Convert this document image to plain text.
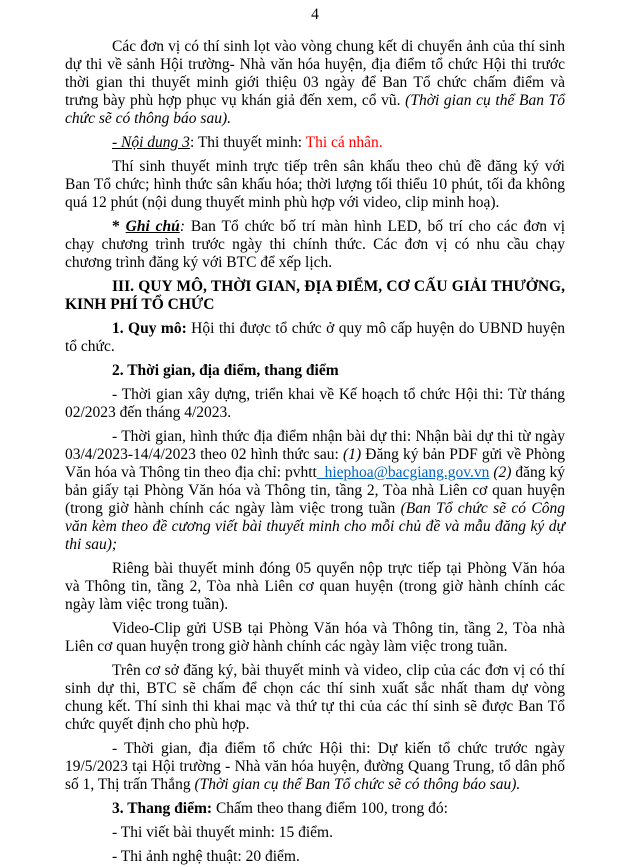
4

Các đơn vị có thí sinh lọt vào vòng chung kết di chuyển ảnh của thí sinh dự thi về sảnh Hội trường- Nhà văn hóa huyện, địa điểm tổ chức Hội thi trước thời gian thi thuyết minh giới thiệu 03 ngày để Ban Tổ chức chấm điểm và trưng bày phù hợp phục vụ khán giả đến xem, cổ vũ. (Thời gian cụ thể Ban Tổ chức sẽ có thông báo sau).

- Nội dung 3: Thi thuyết minh: Thi cá nhân.

Thí sinh thuyết minh trực tiếp trên sân khấu theo chủ đề đăng ký với Ban Tổ chức; hình thức sân khấu hóa; thời lượng tối thiểu 10 phút, tối đa không quá 12 phút (nội dung thuyết minh phù hợp với video, clip minh hoạ).

* Ghi chú: Ban Tổ chức bố trí màn hình LED, bố trí cho các đơn vị chạy chương trình trước ngày thi chính thức. Các đơn vị có nhu cầu chạy chương trình đăng ký với BTC để xếp lịch.

III. QUY MÔ, THỜI GIAN, ĐỊA ĐIỂM, CƠ CẤU GIẢI THƯỞNG, KINH PHÍ TỔ CHỨC

1. Quy mô: Hội thi được tổ chức ở quy mô cấp huyện do UBND huyện tổ chức.

2. Thời gian, địa điểm, thang điểm

- Thời gian xây dựng, triển khai về Kế hoạch tổ chức Hội thi: Từ tháng 02/2023 đến tháng 4/2023.

- Thời gian, hình thức địa điểm nhận bài dự thi: Nhận bài dự thi từ ngày 03/4/2023-14/4/2023 theo 02 hình thức sau: (1) Đăng ký bản PDF gửi về Phòng Văn hóa và Thông tin theo địa chỉ: pvhtt_hiephoa@bacgiang.gov.vn (2) đăng ký bản giấy tại Phòng Văn hóa và Thông tin, tầng 2, Tòa nhà Liên cơ quan huyện (trong giờ hành chính các ngày làm việc trong tuần (Ban Tổ chức sẽ có Công văn kèm theo đề cương viết bài thuyết minh cho mỗi chủ đề và mẫu đăng ký dự thi sau);

Riêng bài thuyết minh đóng 05 quyển nộp trực tiếp tại Phòng Văn hóa và Thông tin, tầng 2, Tòa nhà Liên cơ quan huyện (trong giờ hành chính các ngày làm việc trong tuần).

Video-Clip gửi USB tại Phòng Văn hóa và Thông tin, tầng 2, Tòa nhà Liên cơ quan huyện trong giờ hành chính các ngày làm việc trong tuần.

Trên cơ sở đăng ký, bài thuyết minh và video, clip của các đơn vị có thí sinh dự thi, BTC sẽ chấm để chọn các thí sinh xuất sắc nhất tham dự vòng chung kết. Thí sinh thi khai mạc và thứ tự thi của các thí sinh sẽ được Ban Tổ chức quyết định cho phù hợp.

- Thời gian, địa điểm tổ chức Hội thi: Dự kiến tổ chức trước ngày 19/5/2023 tại Hội trường - Nhà văn hóa huyện, đường Quang Trung, tổ dân phố số 1, Thị trấn Thắng (Thời gian cụ thể Ban Tổ chức sẽ có thông báo sau).

3. Thang điểm: Chấm theo thang điểm 100, trong đó:

- Thi viết bài thuyết minh: 15 điểm.

- Thi ảnh nghệ thuật: 20 điểm.
